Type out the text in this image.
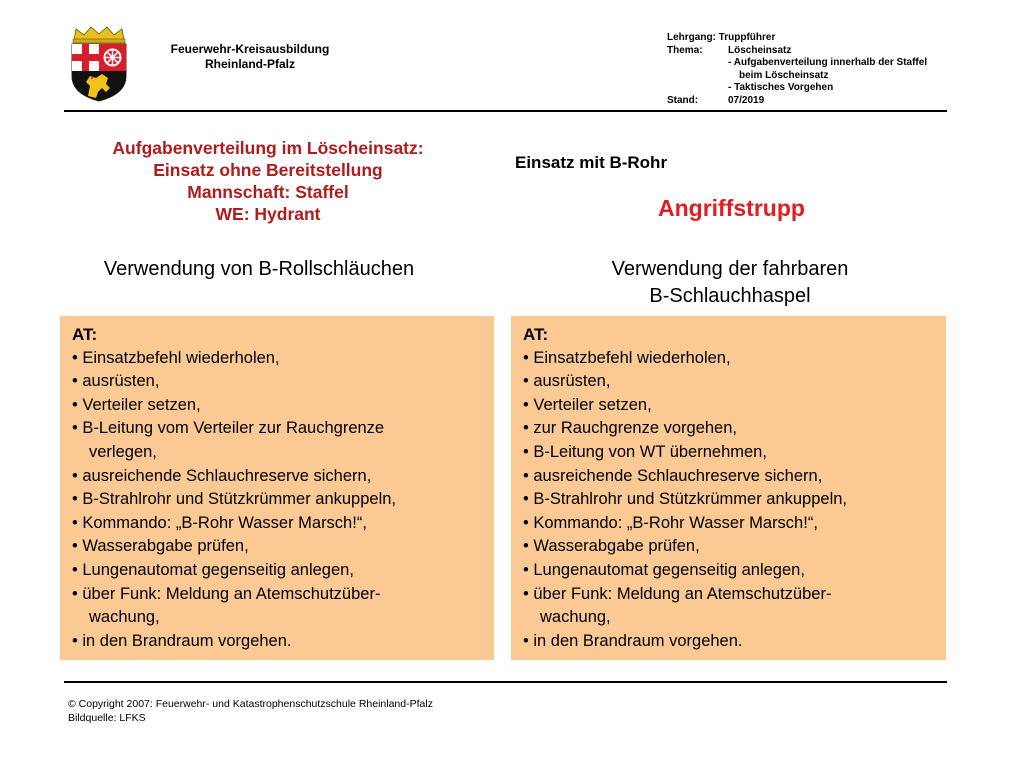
Feuerwehr-Kreisausbildung
Rheinland-Pfalz
Lehrgang: Truppführer
Thema:	Löscheinsatz
- Aufgabenverteilung innerhalb der Staffel
beim Löscheinsatz
- Taktisches Vorgehen
Stand:	07/2019
Aufgabenverteilung im Löscheinsatz:
Einsatz ohne Bereitstellung
Mannschaft: Staffel
WE: Hydrant
Einsatz mit B-Rohr
Angriffstrupp
Verwendung von B-Rollschläuchen	Verwendung der fahrbaren
B-Schlauchhaspel
AT:
• Einsatzbefehl wiederholen,
• ausrüsten,
• Verteiler setzen,
• B-Leitung vom Verteiler zur Rauchgrenze
verlegen,
• ausreichende Schlauchreserve sichern,
• B-Strahlrohr und Stützkrümmer ankuppeln,
• Kommando: „B-Rohr Wasser Marsch!“,
• Wasserabgabe prüfen,
• Lungenautomat gegenseitig anlegen,
• über Funk: Meldung an Atemschutzüber-
wachung,
• in den Brandraum vorgehen.
AT:
• Einsatzbefehl wiederholen,
• ausrüsten,
• Verteiler setzen,
• zur Rauchgrenze vorgehen,
• B-Leitung von WT übernehmen,
• ausreichende Schlauchreserve sichern,
• B-Strahlrohr und Stützkrümmer ankuppeln,
• Kommando: „B-Rohr Wasser Marsch!“,
• Wasserabgabe prüfen,
• Lungenautomat gegenseitig anlegen,
• über Funk: Meldung an Atemschutzüber-
wachung,
• in den Brandraum vorgehen.
© Copyright 2007: Feuerwehr- und Katastrophenschutzschule Rheinland-Pfalz
Bildquelle: LFKS
